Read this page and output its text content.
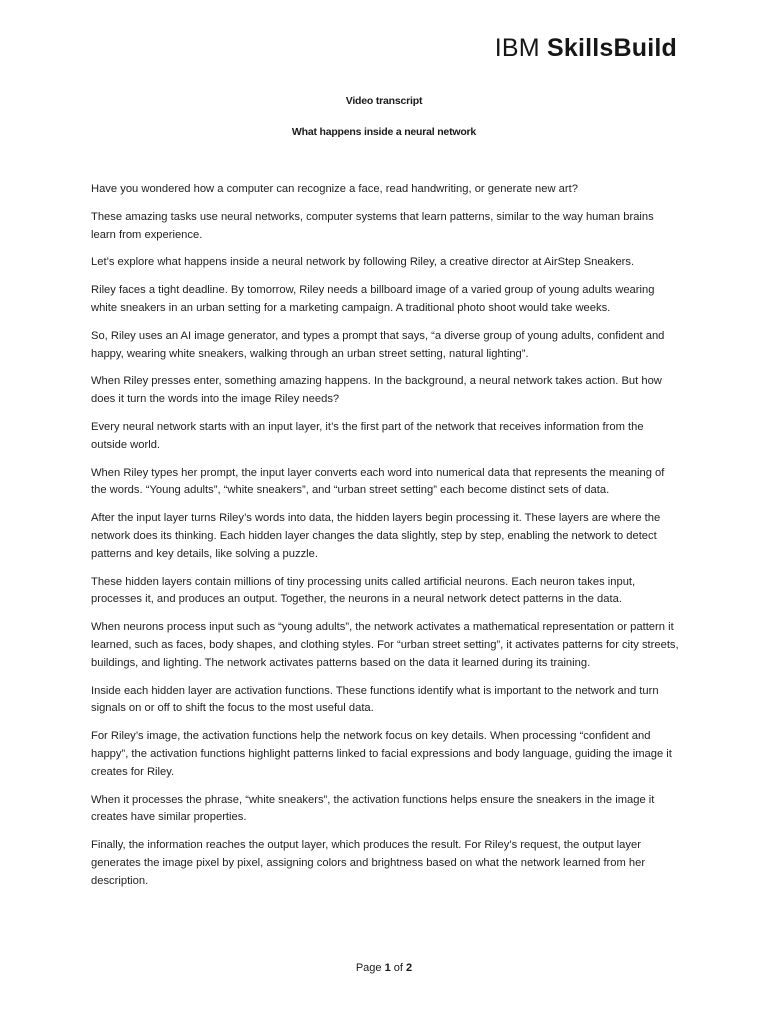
IBM SkillsBuild
Video transcript
What happens inside a neural network

Have you wondered how a computer can recognize a face, read handwriting, or generate new art?

These amazing tasks use neural networks, computer systems that learn patterns, similar to the way human brains learn from experience.

Let’s explore what happens inside a neural network by following Riley, a creative director at AirStep Sneakers.

Riley faces a tight deadline. By tomorrow, Riley needs a billboard image of a varied group of young adults wearing white sneakers in an urban setting for a marketing campaign. A traditional photo shoot would take weeks.

So, Riley uses an AI image generator, and types a prompt that says, “a diverse group of young adults, confident and happy, wearing white sneakers, walking through an urban street setting, natural lighting”.

When Riley presses enter, something amazing happens. In the background, a neural network takes action. But how does it turn the words into the image Riley needs?

Every neural network starts with an input layer, it’s the first part of the network that receives information from the outside world.

When Riley types her prompt, the input layer converts each word into numerical data that represents the meaning of the words. “Young adults”, “white sneakers”, and “urban street setting” each become distinct sets of data.

After the input layer turns Riley’s words into data, the hidden layers begin processing it. These layers are where the network does its thinking. Each hidden layer changes the data slightly, step by step, enabling the network to detect patterns and key details, like solving a puzzle.

These hidden layers contain millions of tiny processing units called artificial neurons. Each neuron takes input, processes it, and produces an output. Together, the neurons in a neural network detect patterns in the data.

When neurons process input such as “young adults”, the network activates a mathematical representation or pattern it learned, such as faces, body shapes, and clothing styles. For “urban street setting”, it activates patterns for city streets, buildings, and lighting. The network activates patterns based on the data it learned during its training.

Inside each hidden layer are activation functions. These functions identify what is important to the network and turn signals on or off to shift the focus to the most useful data.

For Riley’s image, the activation functions help the network focus on key details. When processing “confident and happy”, the activation functions highlight patterns linked to facial expressions and body language, guiding the image it creates for Riley.

When it processes the phrase, “white sneakers”, the activation functions helps ensure the sneakers in the image it creates have similar properties.

Finally, the information reaches the output layer, which produces the result. For Riley’s request, the output layer generates the image pixel by pixel, assigning colors and brightness based on what the network learned from her description.

Page 1 of 2
